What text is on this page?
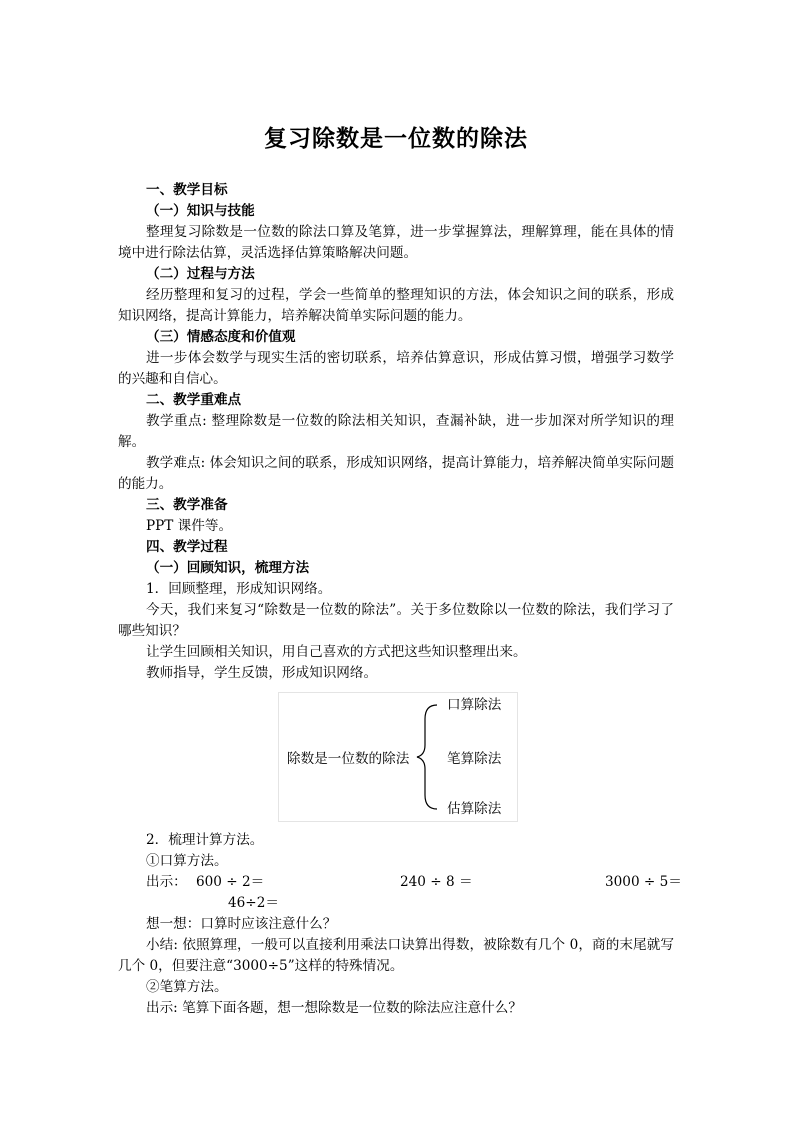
复习除数是一位数的除法

一、教学目标

（一）知识与技能

整理复习除数是一位数的除法口算及笔算，进一步掌握算法，理解算理，能在具体的情境中进行除法估算，灵活选择估算策略解决问题。

（二）过程与方法

经历整理和复习的过程，学会一些简单的整理知识的方法，体会知识之间的联系，形成知识网络，提高计算能力，培养解决简单实际问题的能力。

（三）情感态度和价值观

进一步体会数学与现实生活的密切联系，培养估算意识，形成估算习惯，增强学习数学的兴趣和自信心。

二、教学重难点

教学重点: 整理除数是一位数的除法相关知识，查漏补缺，进一步加深对所学知识的理解。

教学难点: 体会知识之间的联系，形成知识网络，提高计算能力，培养解决简单实际问题的能力。

三、教学准备

PPT 课件等。

四、教学过程

（一）回顾知识，梳理方法

1．回顾整理，形成知识网络。

今天，我们来复习“除数是一位数的除法”。关于多位数除以一位数的除法，我们学习了哪些知识？

让学生回顾相关知识，用自己喜欢的方式把这些知识整理出来。

教师指导，学生反馈，形成知识网络。

除数是一位数的除法
口算除法
笔算除法
估算除法

2．梳理计算方法。

①口算方法。

出示： 600 ÷ 2＝	240 ÷ 8 ＝	3000 ÷ 5＝
46÷2＝

想一想：口算时应该注意什么？

小结: 依照算理，一般可以直接利用乘法口诀算出得数，被除数有几个 0，商的末尾就写几个 0，但要注意“3000÷5”这样的特殊情况。

②笔算方法。

出示: 笔算下面各题，想一想除数是一位数的除法应注意什么？
